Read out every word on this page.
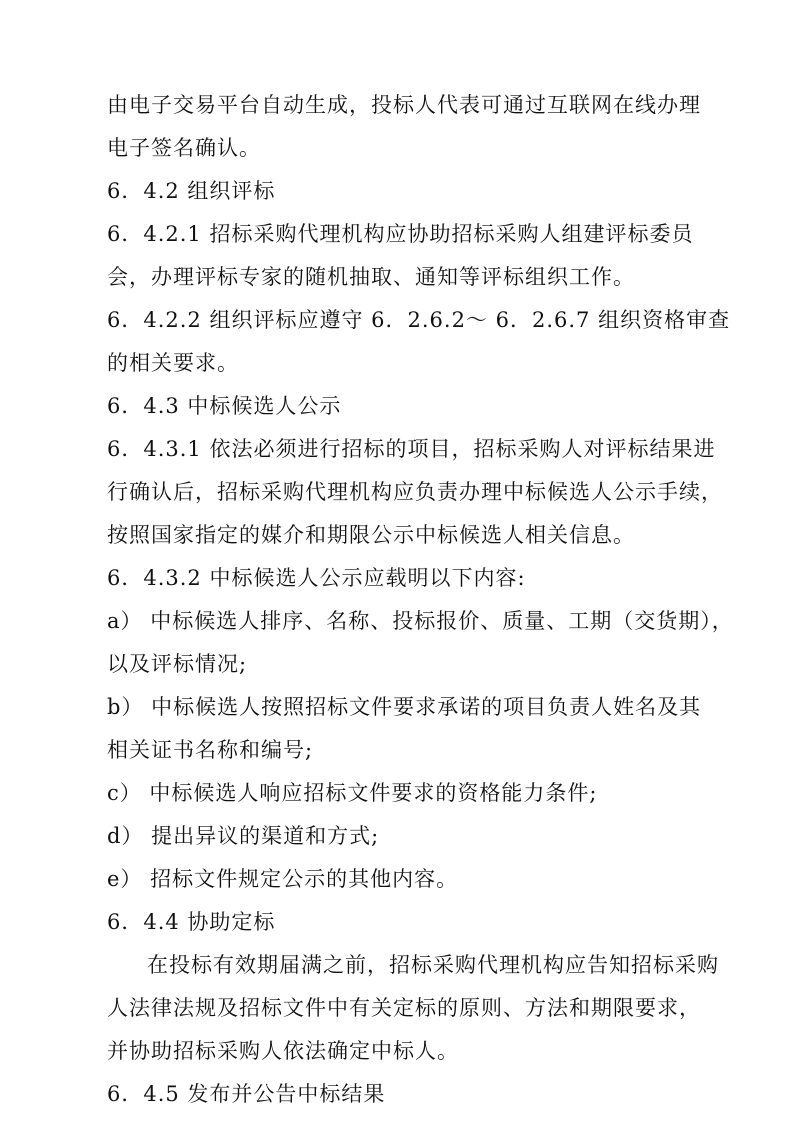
由电子交易平台自动生成，投标人代表可通过互联网在线办理
电子签名确认。
6．4.2 组织评标
6．4.2.1 招标采购代理机构应协助招标采购人组建评标委员
会，办理评标专家的随机抽取、通知等评标组织工作。
6．4.2.2 组织评标应遵守 6．2.6.2～ 6．2.6.7 组织资格审查
的相关要求。
6．4.3 中标候选人公示
6．4.3.1 依法必须进行招标的项目，招标采购人对评标结果进
行确认后，招标采购代理机构应负责办理中标候选人公示手续，
按照国家指定的媒介和期限公示中标候选人相关信息。
6．4.3.2 中标候选人公示应载明以下内容:
a） 中标候选人排序、名称、投标报价、质量、工期（交货期），
以及评标情况;
b） 中标候选人按照招标文件要求承诺的项目负责人姓名及其
相关证书名称和编号;
c） 中标候选人响应招标文件要求的资格能力条件;
d） 提出异议的渠道和方式;
e） 招标文件规定公示的其他内容。
6．4.4 协助定标
在投标有效期届满之前，招标采购代理机构应告知招标采购
人法律法规及招标文件中有关定标的原则、方法和期限要求，
并协助招标采购人依法确定中标人。
6．4.5 发布并公告中标结果
